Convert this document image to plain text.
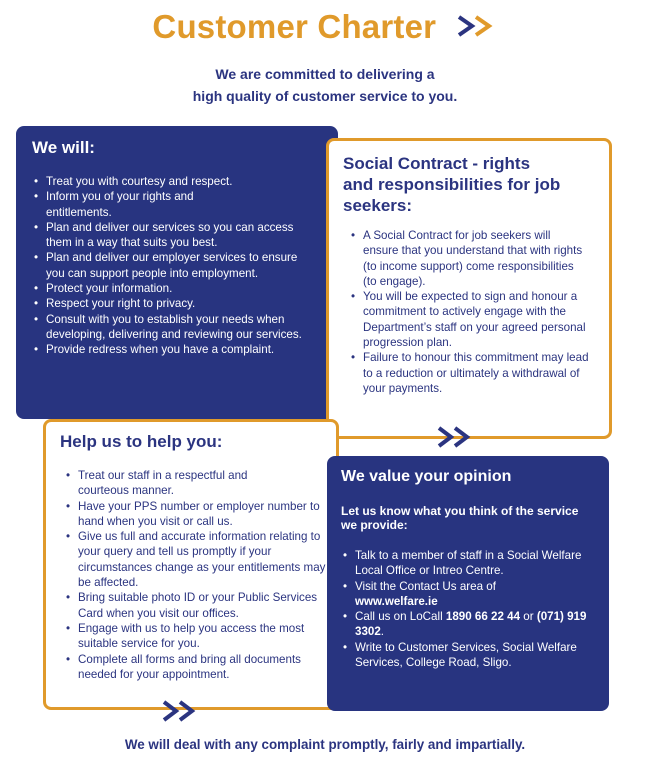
Customer Charter
We are committed to delivering a
high quality of customer service to you.
We will:
• Treat you with courtesy and respect.
• Inform you of your rights and entitlements.
• Plan and deliver our services so you can access them in a way that suits you best.
• Plan and deliver our employer services to ensure you can support people into employment.
• Protect your information.
• Respect your right to privacy.
• Consult with you to establish your needs when developing, delivering and reviewing our services.
• Provide redress when you have a complaint.
Social Contract - rights and responsibilities for job seekers:
• A Social Contract for job seekers will ensure that you understand that with rights (to income support) come responsibilities (to engage).
• You will be expected to sign and honour a commitment to actively engage with the Department’s staff on your agreed personal progression plan.
• Failure to honour this commitment may lead to a reduction or ultimately a withdrawal of your payments.
Help us to help you:
• Treat our staff in a respectful and courteous manner.
• Have your PPS number or employer number to hand when you visit or call us.
• Give us full and accurate information relating to your query and tell us promptly if your circumstances change as your entitlements may be affected.
• Bring suitable photo ID or your Public Services Card when you visit our offices.
• Engage with us to help you access the most suitable service for you.
• Complete all forms and bring all documents needed for your appointment.
We value your opinion
Let us know what you think of the service we provide:
• Talk to a member of staff in a Social Welfare Local Office or Intreo Centre.
• Visit the Contact Us area of www.welfare.ie
• Call us on LoCall 1890 66 22 44 or (071) 919 3302.
• Write to Customer Services, Social Welfare Services, College Road, Sligo.
We will deal with any complaint promptly, fairly and impartially.
